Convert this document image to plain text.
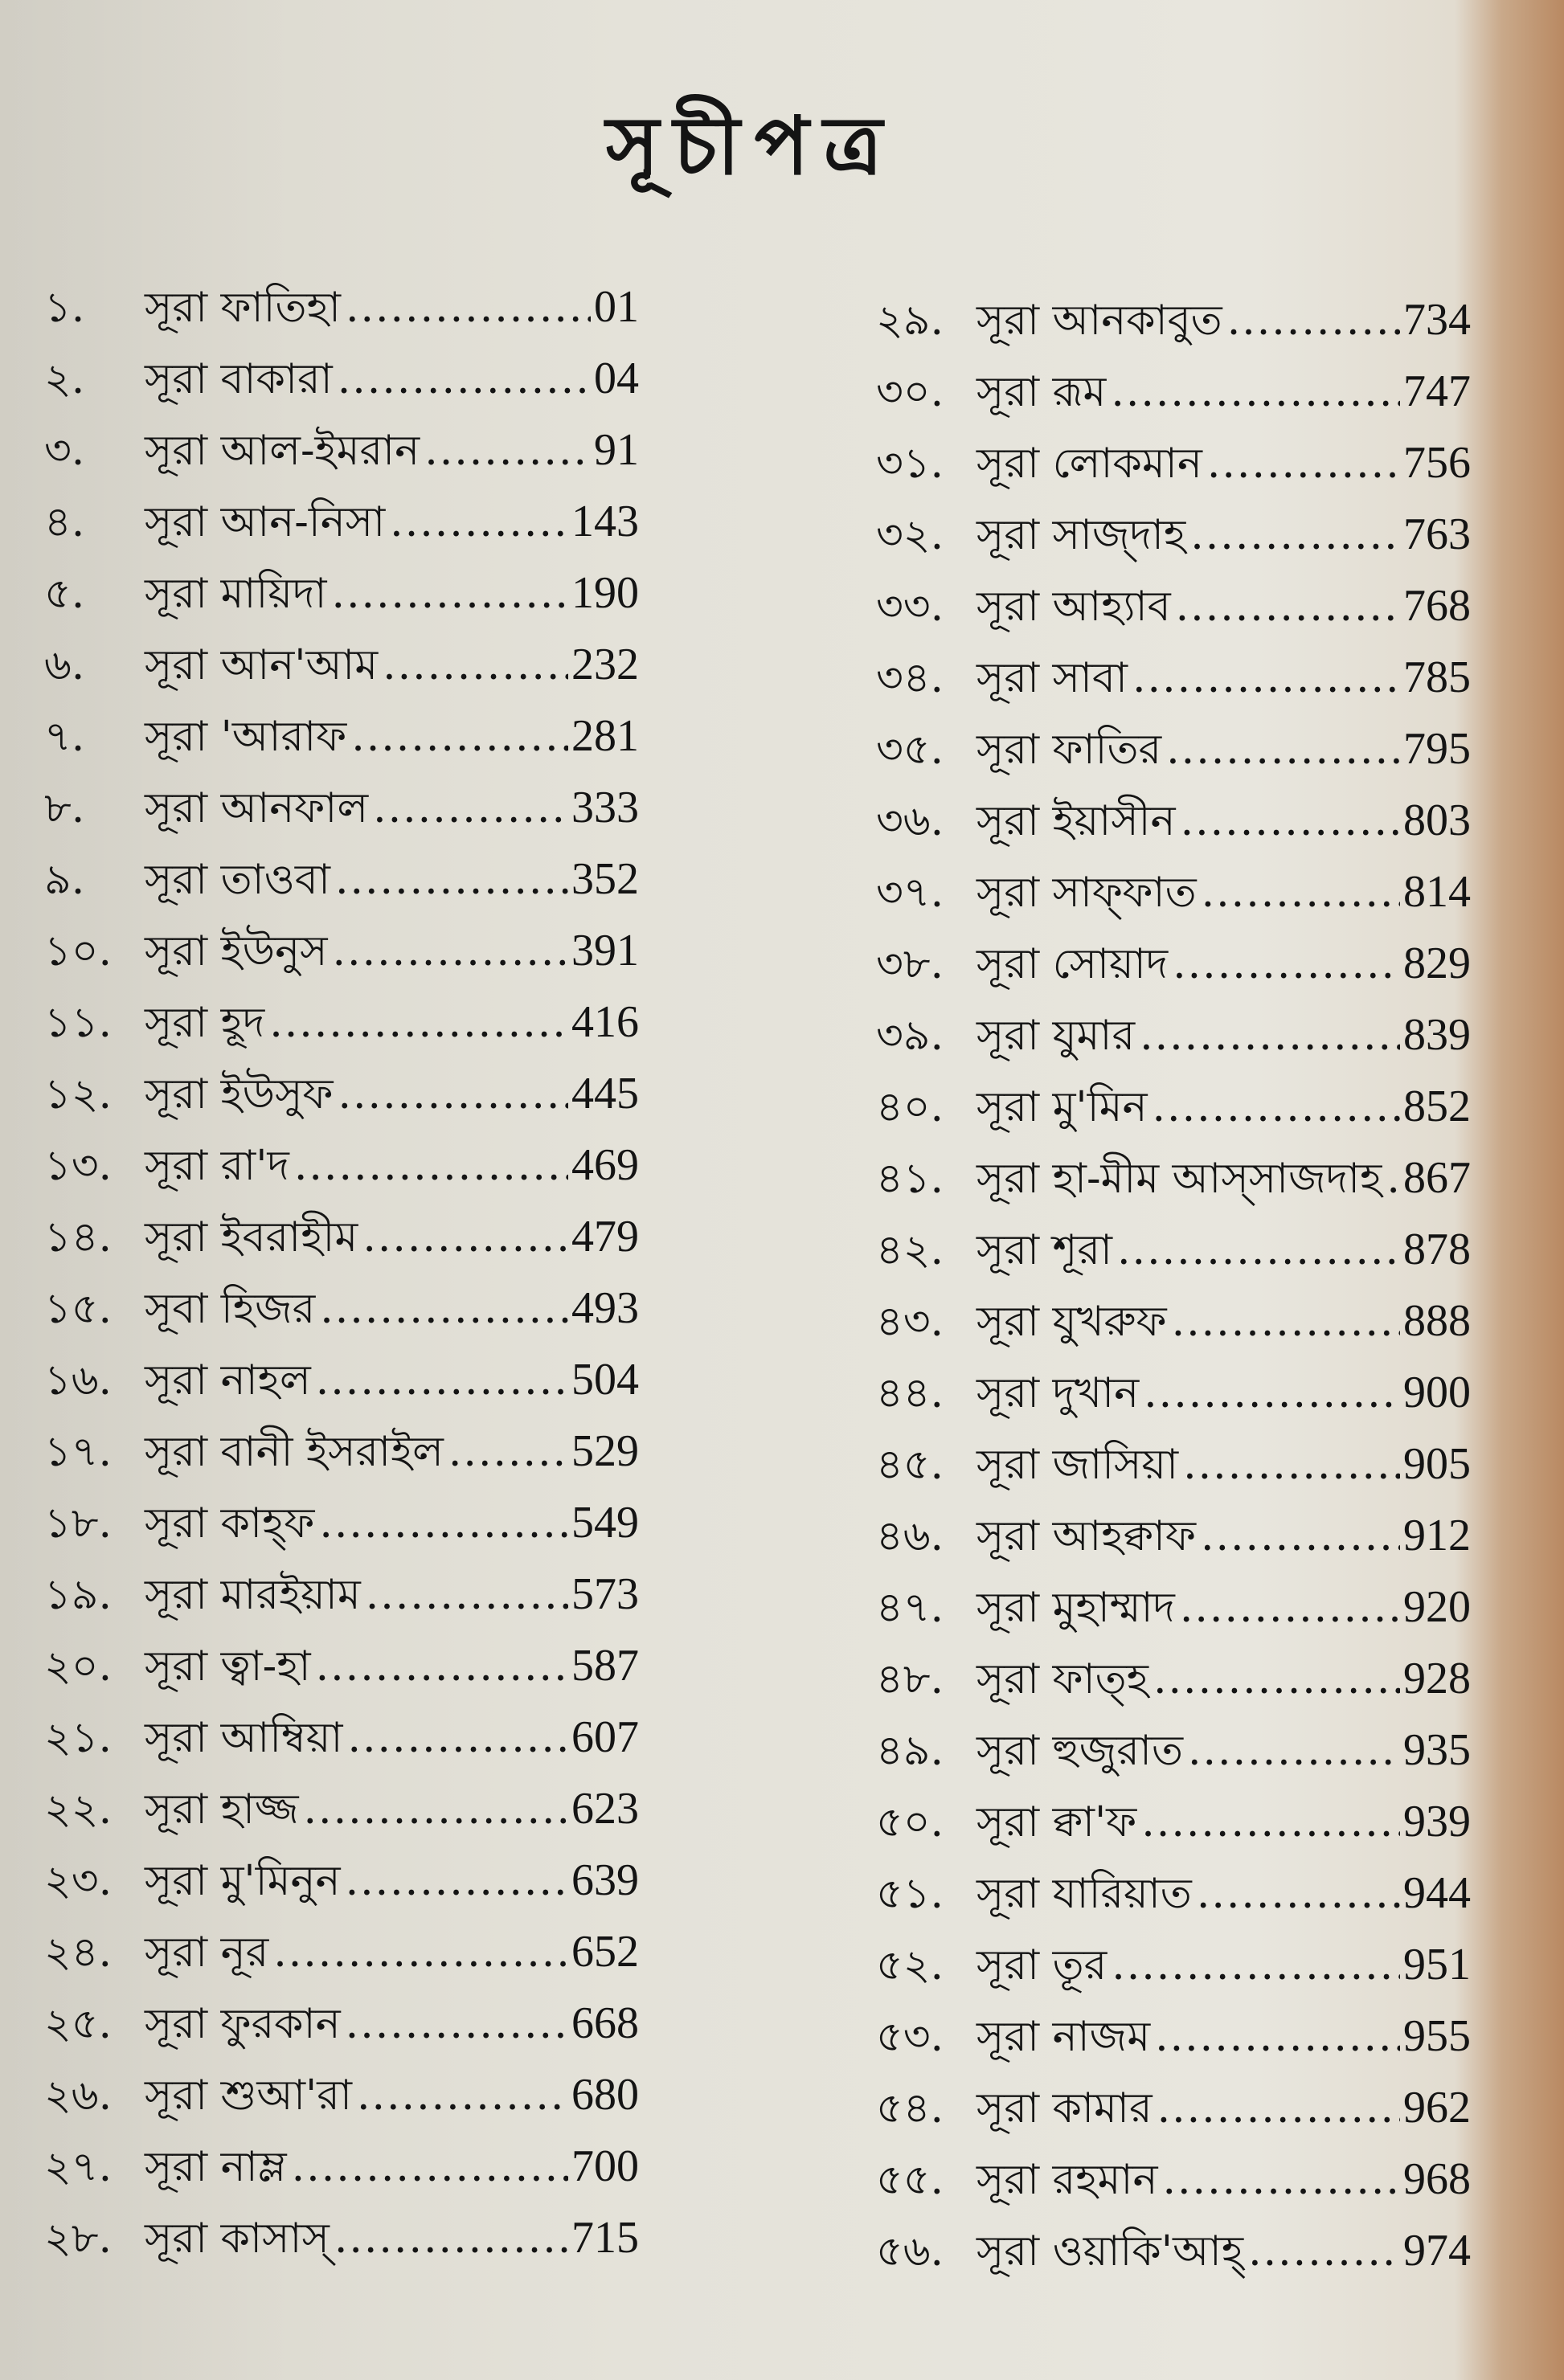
সূচীপত্র
১.	সূরা ফাতিহা .....	01
২.	সূরা বাকারা .....	04
৩.	সূরা আল-ইমরান .....	91
৪.	সূরা আন-নিসা .....	143
৫.	সূরা মায়িদা .....	190
৬.	সূরা আন'আম .....	232
৭.	সূরা 'আরাফ .....	281
৮.	সূরা আনফাল .....	333
৯.	সূরা তাওবা .....	352
১০. সূরা ইউনুস .....	391
১১. সূরা হূদ .....	416
১২. সূরা ইউসুফ .....	445
১৩. সূরা রা'দ .....	469
১৪. সূরা ইবরাহীম .....	479
১৫. সূবা হিজর .....	493
১৬. সূরা নাহল .....	504
১৭. সূরা বানী ইসরাইল .....	529
১৮. সূরা কাহ্ফ .....	549
১৯. সূরা মারইয়াম .....	573
২০. সূরা ত্বা-হা .....	587
২১. সূরা আম্বিয়া .....	607
২২. সূরা হাজ্জ .....	623
২৩. সূরা মু'মিনুন .....	639
২৪. সূরা নূর .....	652
২৫. সূরা ফুরকান .....	668
২৬. সূরা শুআ'রা .....	680
২৭. সূরা নাম্ল .....	700
২৮. সূরা কাসাস্ .....	715
২৯. সূরা আনকাবুত .....	734
৩০. সূরা রূম .....	747
৩১. সূরা লোকমান .....	756
৩২. সূরা সাজ্দাহ .....	763
৩৩. সূরা আহ্যাব .....	768
৩৪. সূরা সাবা .....	785
৩৫. সূরা ফাতির .....	795
৩৬. সূরা ইয়াসীন .....	803
৩৭. সূরা সাফ্ফাত .....	814
৩৮. সূরা সোয়াদ .....	829
৩৯. সূরা যুমার .....	839
৪০. সূরা মু'মিন .....	852
৪১. সূরা হা-মীম আস্সাজদাহ ..... 867
৪২. সূরা শূরা .....	878
৪৩. সূরা যুখরুফ .....	888
৪৪. সূরা দুখান .....	900
৪৫. সূরা জাসিয়া .....	905
৪৬. সূরা আহক্বাফ .....	912
৪৭. সূরা মুহাম্মাদ .....	920
৪৮. সূরা ফাত্হ .....	928
৪৯. সূরা হুজুরাত .....	935
৫০. সূরা ক্বা'ফ .....	939
৫১. সূরা যারিয়াত .....	944
৫২. সূরা তূর .....	951
৫৩. সূরা নাজম .....	955
৫৪. সূরা কামার .....	962
৫৫. সূরা রহমান .....	968
৫৬. সূরা ওয়াকি'আহ্ .....	974
